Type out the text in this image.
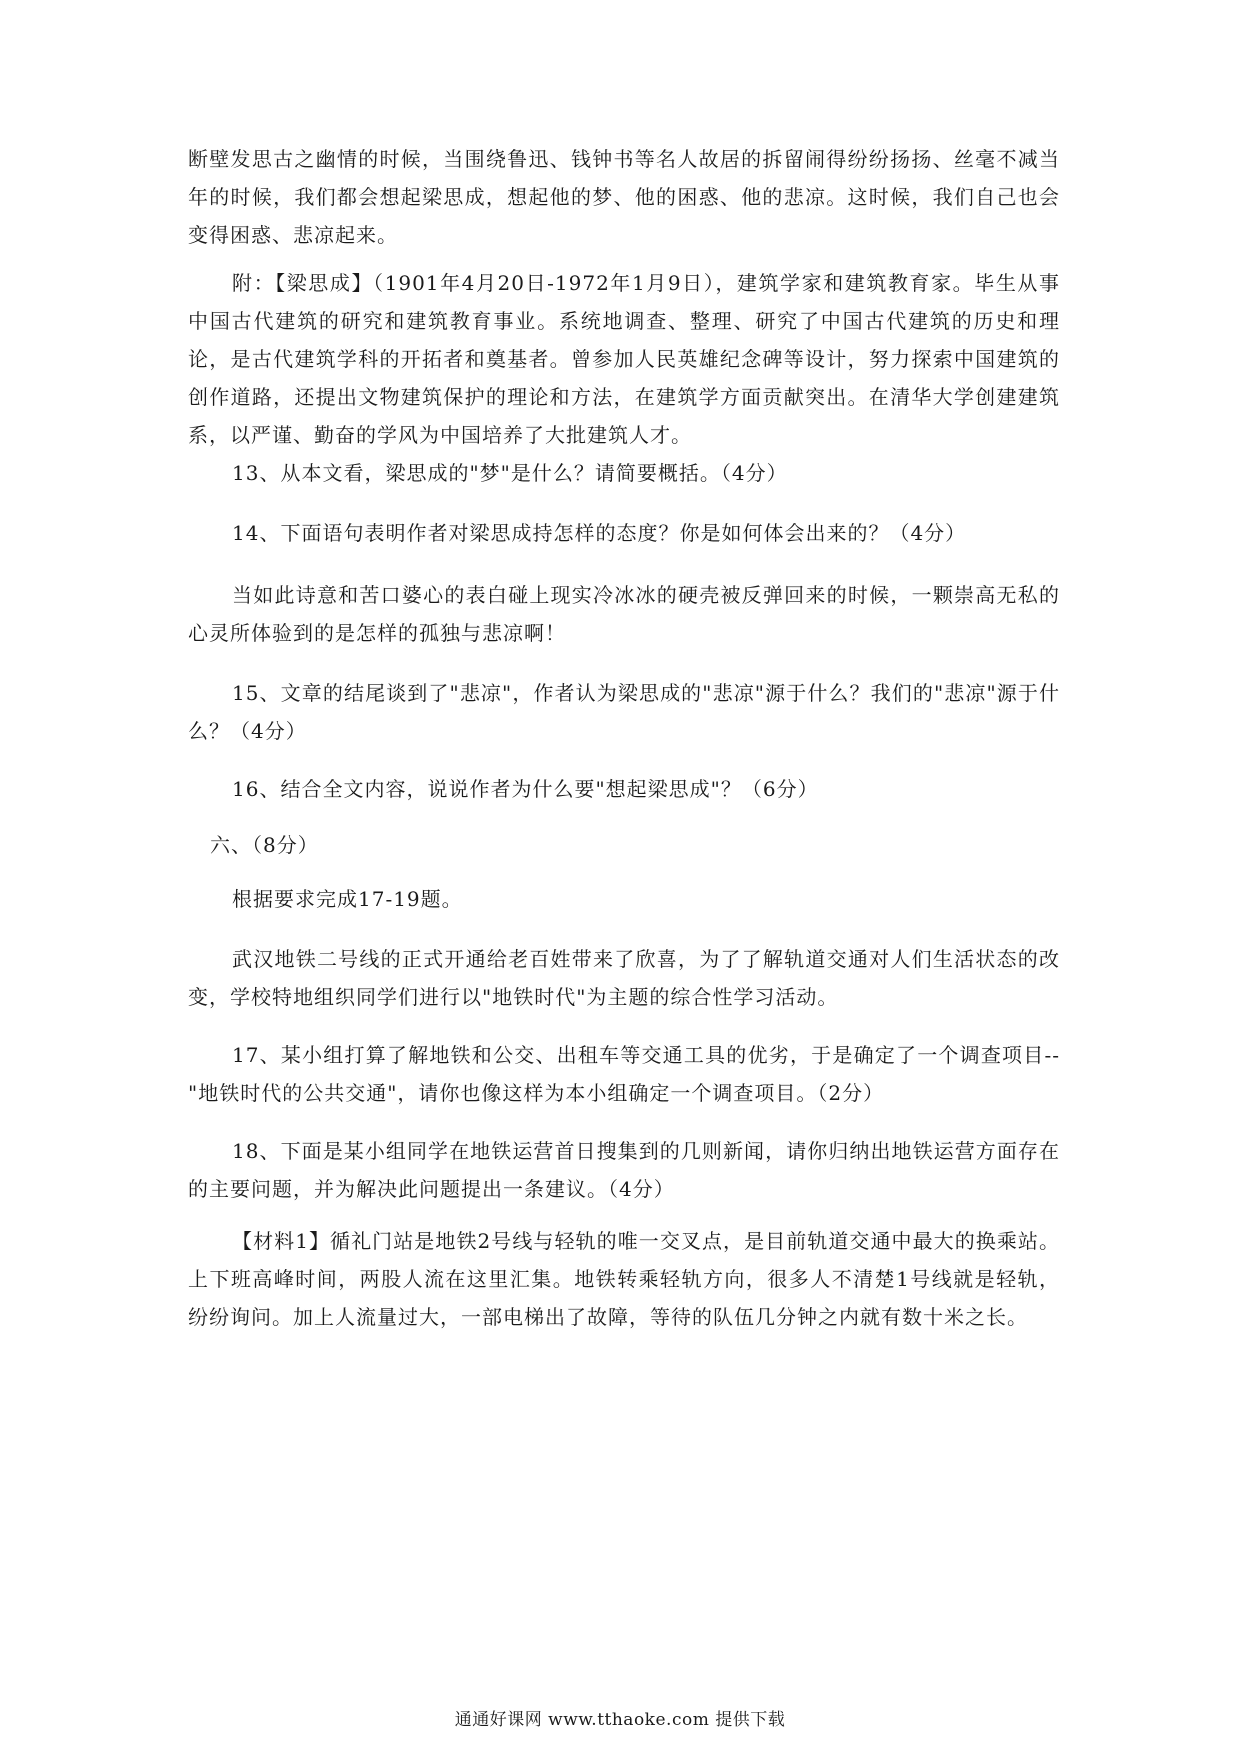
断壁发思古之幽情的时候，当围绕鲁迅、钱钟书等名人故居的拆留闹得纷纷扬扬、丝毫不减当年的时候，我们都会想起梁思成，想起他的梦、他的困惑、他的悲凉。这时候，我们自己也会变得困惑、悲凉起来。

附：【梁思成】（1901年4月20日-1972年1月9日），建筑学家和建筑教育家。毕生从事中国古代建筑的研究和建筑教育事业。系统地调查、整理、研究了中国古代建筑的历史和理论，是古代建筑学科的开拓者和奠基者。曾参加人民英雄纪念碑等设计，努力探索中国建筑的创作道路，还提出文物建筑保护的理论和方法，在建筑学方面贡献突出。在清华大学创建建筑系，以严谨、勤奋的学风为中国培养了大批建筑人才。

13、从本文看，梁思成的"梦"是什么？请简要概括。（4分）

14、下面语句表明作者对梁思成持怎样的态度？你是如何体会出来的？（4分）

当如此诗意和苦口婆心的表白碰上现实冷冰冰的硬壳被反弹回来的时候，一颗崇高无私的心灵所体验到的是怎样的孤独与悲凉啊！

15、文章的结尾谈到了"悲凉"，作者认为梁思成的"悲凉"源于什么？我们的"悲凉"源于什么？（4分）

16、结合全文内容，说说作者为什么要"想起梁思成"？（6分）

六、（8分）

根据要求完成17-19题。

武汉地铁二号线的正式开通给老百姓带来了欣喜，为了了解轨道交通对人们生活状态的改变，学校特地组织同学们进行以"地铁时代"为主题的综合性学习活动。

17、某小组打算了解地铁和公交、出租车等交通工具的优劣，于是确定了一个调查项目--"地铁时代的公共交通"，请你也像这样为本小组确定一个调查项目。（2分）

18、下面是某小组同学在地铁运营首日搜集到的几则新闻，请你归纳出地铁运营方面存在的主要问题，并为解决此问题提出一条建议。（4分）

【材料1】循礼门站是地铁2号线与轻轨的唯一交叉点，是目前轨道交通中最大的换乘站。上下班高峰时间，两股人流在这里汇集。地铁转乘轻轨方向，很多人不清楚1号线就是轻轨，纷纷询问。加上人流量过大，一部电梯出了故障，等待的队伍几分钟之内就有数十米之长。

通通好课网 www.tthaoke.com 提供下载
